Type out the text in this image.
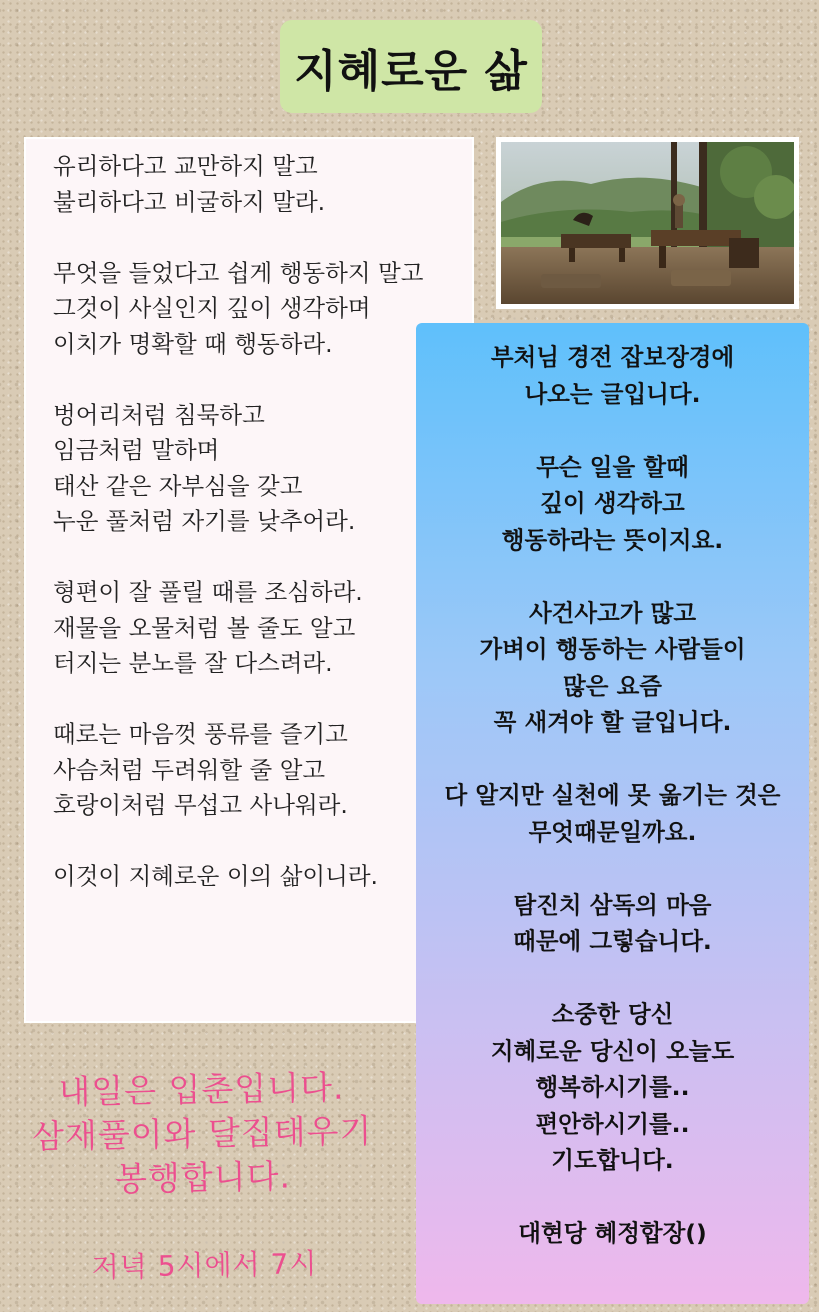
지혜로운 삶

유리하다고 교만하지 말고

불리하다고 비굴하지 말라.

무엇을 들었다고 쉽게 행동하지 말고

그것이 사실인지 깊이 생각하며

이치가 명확할 때 행동하라.

벙어리처럼 침묵하고

임금처럼 말하며

태산 같은 자부심을 갖고

누운 풀처럼 자기를 낮추어라.

형편이 잘 풀릴 때를 조심하라.

재물을 오물처럼 볼 줄도 알고

터지는 분노를 잘 다스려라.

때로는 마음껏 풍류를 즐기고

사슴처럼 두려워할 줄 알고

호랑이처럼 무섭고 사나워라.

이것이 지혜로운 이의 삶이니라.

부처님 경전 잡보장경에

나오는 글입니다.

무슨 일을 할때

깊이 생각하고

행동하라는 뜻이지요.

사건사고가 많고

가벼이 행동하는 사람들이

많은 요즘

꼭 새겨야 할 글입니다.

다 알지만 실천에 못 옮기는 것은

무엇때문일까요.

탐진치 삼독의 마음

때문에 그렇습니다.

소중한 당신

지혜로운 당신이 오늘도

행복하시기를..

편안하시기를..

기도합니다.

대현당 혜정합장()

내일은 입춘입니다.

삼재풀이와 달집태우기

봉행합니다.

저녁 5시에서 7시
